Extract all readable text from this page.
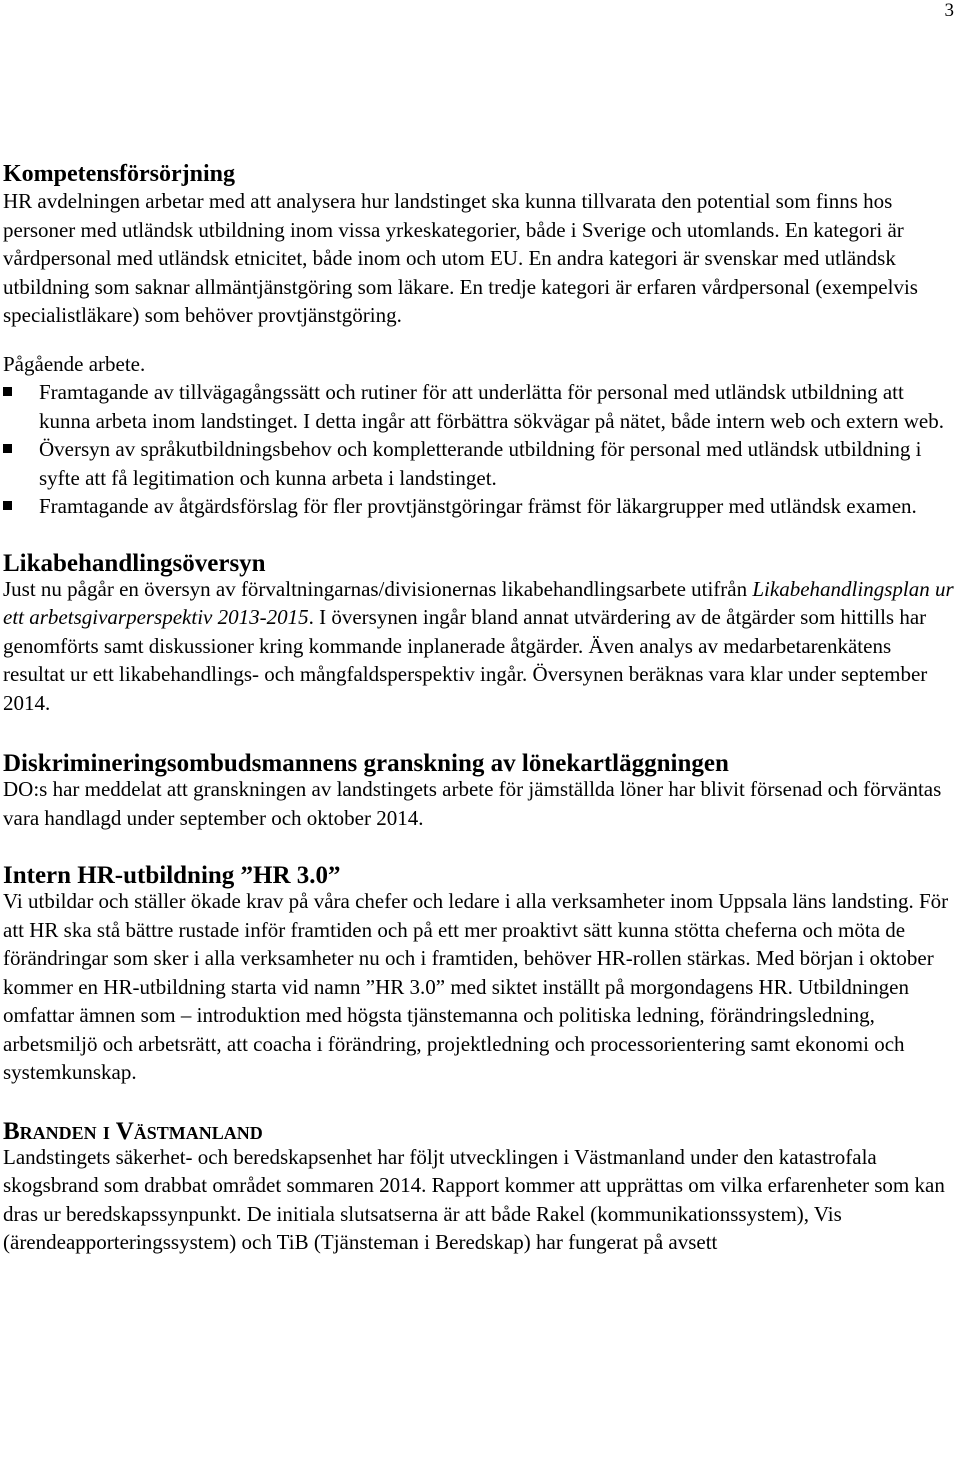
3
Kompetensförsörjning

HR avdelningen arbetar med att analysera hur landstinget ska kunna tillvarata den potential som finns hos personer med utländsk utbildning inom vissa yrkeskategorier, både i Sverige och utomlands. En kategori är vårdpersonal med utländsk etnicitet, både inom och utom EU. En andra kategori är svenskar med utländsk utbildning som saknar allmäntjänstgöring som läkare. En tredje kategori är erfaren vårdpersonal (exempelvis specialistläkare) som behöver provtjänstgöring.

Pågående arbete.

Framtagande av tillvägagångssätt och rutiner för att underlätta för personal med utländsk utbildning att kunna arbeta inom landstinget. I detta ingår att förbättra sökvägar på nätet, både intern web och extern web.
Översyn av språkutbildningsbehov och kompletterande utbildning för personal med utländsk utbildning i syfte att få legitimation och kunna arbeta i landstinget.
Framtagande av åtgärdsförslag för fler provtjänstgöringar främst för läkargrupper med utländsk examen.
Likabehandlingsöversyn

Just nu pågår en översyn av förvaltningarnas/divisionernas likabehandlingsarbete utifrån Likabehandlingsplan ur ett arbetsgivarperspektiv 2013-2015. I översynen ingår bland annat utvärdering av de åtgärder som hittills har genomförts samt diskussioner kring kommande inplanerade åtgärder. Även analys av medarbetarenkätens resultat ur ett likabehandlings- och mångfaldsperspektiv ingår. Översynen beräknas vara klar under september 2014.

Diskrimineringsombudsmannens granskning av lönekartläggningen

DO:s har meddelat att granskningen av landstingets arbete för jämställda löner har blivit försenad och förväntas vara handlagd under september och oktober 2014.

Intern HR-utbildning ”HR 3.0”

Vi utbildar och ställer ökade krav på våra chefer och ledare i alla verksamheter inom Uppsala läns landsting. För att HR ska stå bättre rustade inför framtiden och på ett mer proaktivt sätt kunna stötta cheferna och möta de förändringar som sker i alla verksamheter nu och i framtiden, behöver HR-rollen stärkas. Med början i oktober kommer en HR-utbildning starta vid namn ”HR 3.0” med siktet inställt på morgondagens HR. Utbildningen omfattar ämnen som – introduktion med högsta tjänstemanna och politiska ledning, förändringsledning, arbetsmiljö och arbetsrätt, att coacha i förändring, projektledning och processorientering samt ekonomi och systemkunskap.

Branden i Västmanland

Landstingets säkerhet- och beredskapsenhet har följt utvecklingen i Västmanland under den katastrofala skogsbrand som drabbat området sommaren 2014. Rapport kommer att upprättas om vilka erfarenheter som kan dras ur beredskapssynpunkt. De initiala slutsatserna är att både Rakel (kommunikationssystem), Vis (ärendeapporteringssystem) och TiB (Tjänsteman i Beredskap) har fungerat på avsett
